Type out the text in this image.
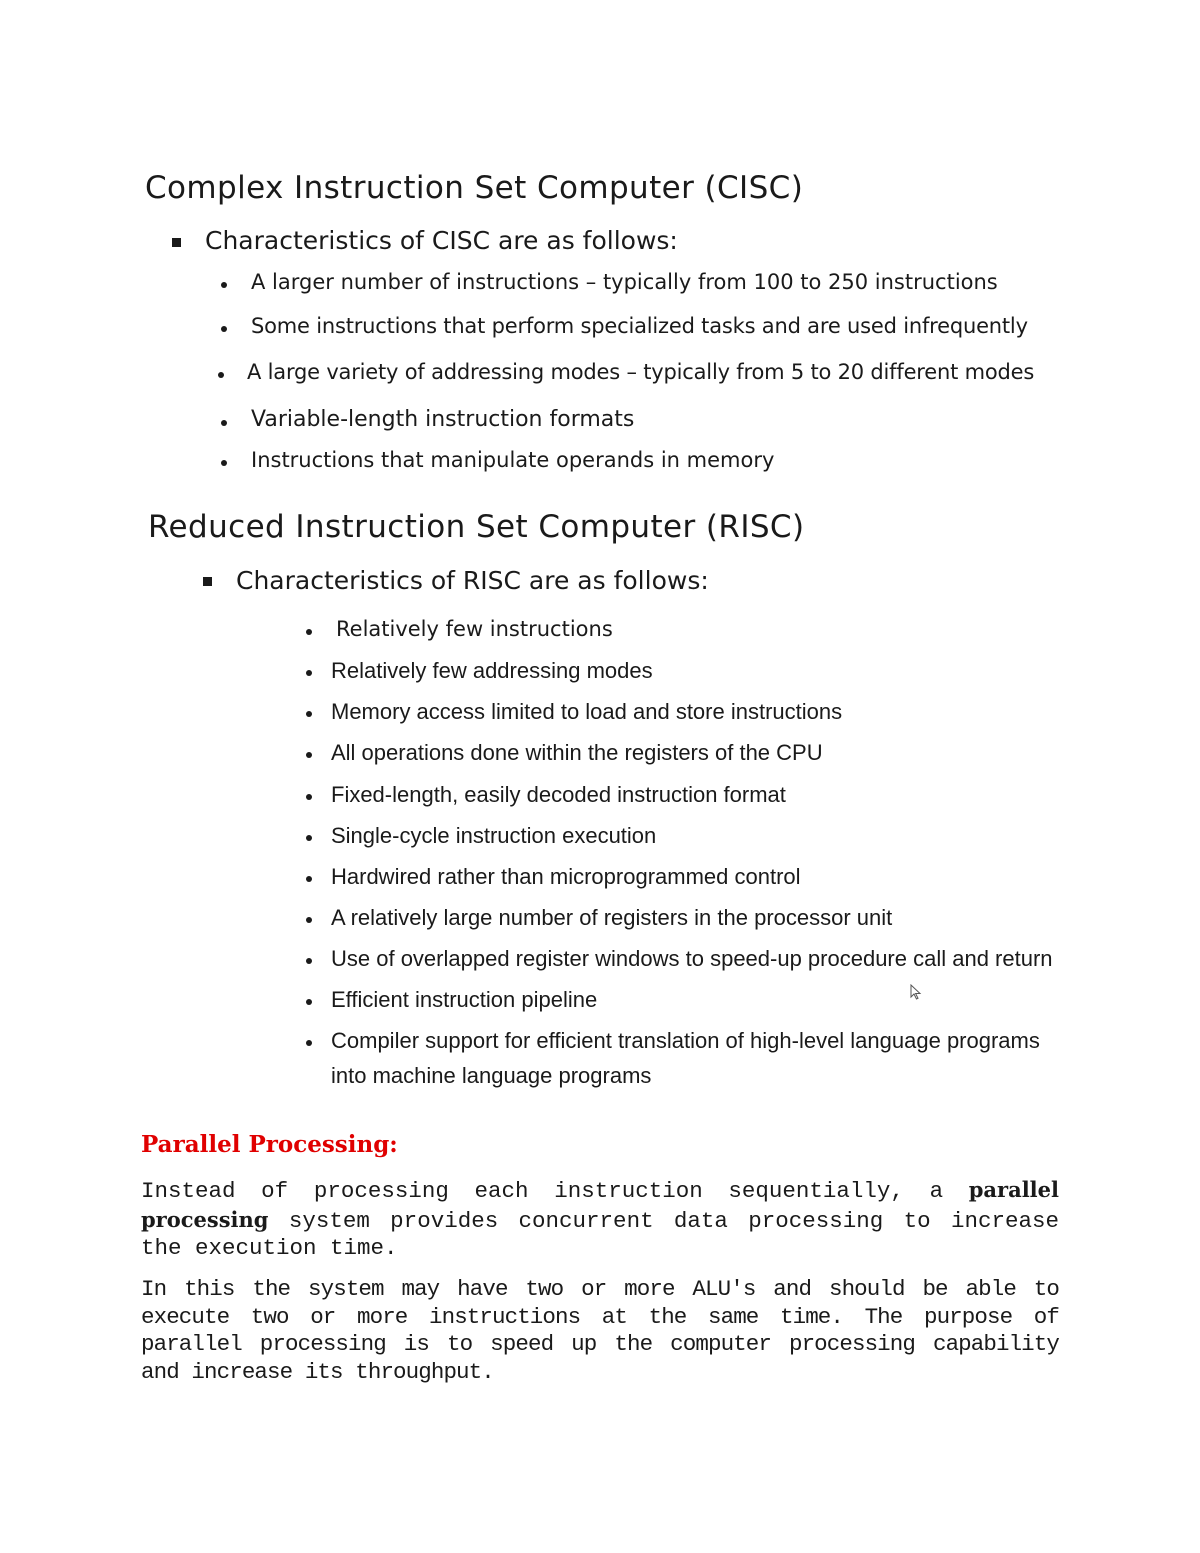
Complex Instruction Set Computer (CISC)
Characteristics of CISC are as follows:
A larger number of instructions – typically from 100 to 250 instructions
Some instructions that perform specialized tasks and are used infrequently
A large variety of addressing modes – typically from 5 to 20 different modes
Variable-length instruction formats
Instructions that manipulate operands in memory
Reduced Instruction Set Computer (RISC)
Characteristics of RISC are as follows:
Relatively few instructions
Relatively few addressing modes
Memory access limited to load and store instructions
All operations done within the registers of the CPU
Fixed-length, easily decoded instruction format
Single-cycle instruction execution
Hardwired rather than microprogrammed control
A relatively large number of registers in the processor unit
Use of overlapped register windows to speed-up procedure call and return
Efficient instruction pipeline
Compiler support for efficient translation of high-level language programs
into machine language programs
Parallel Processing:

Instead of processing each instruction sequentially, a parallel processing system provides concurrent data processing to increase the execution time.

In this the system may have two or more ALU's and should be able to execute two or more instructions at the same time. The purpose of parallel processing is to speed up the computer processing capability and increase its throughput.
